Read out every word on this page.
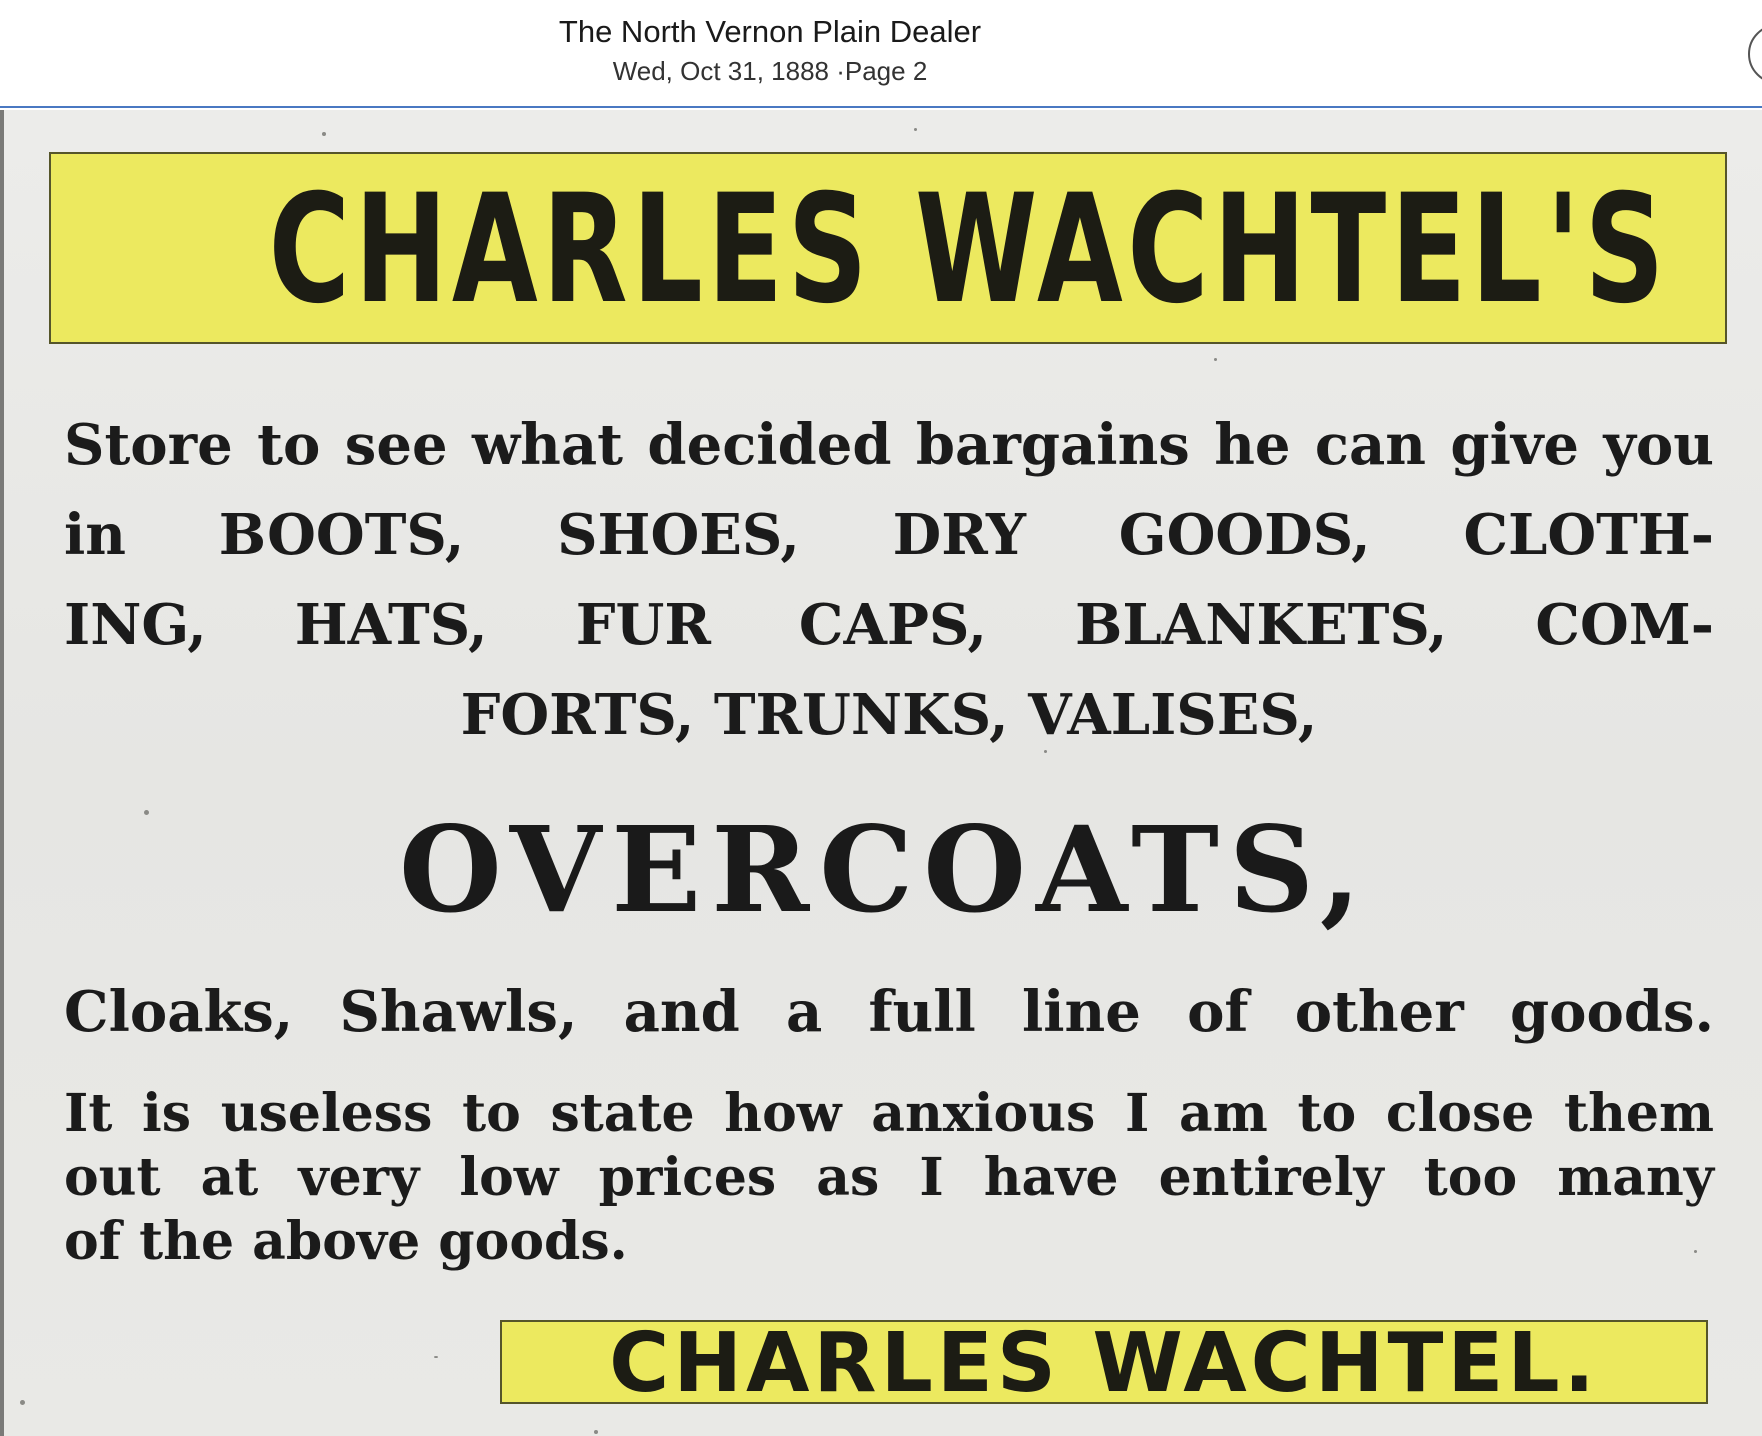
The North Vernon Plain Dealer
Wed, Oct 31, 1888 ·Page 2
CHARLES WACHTEL'S
Store to see what decided bargains he can give you
in BOOTS, SHOES, DRY GOODS, CLOTH-
ING, HATS, FUR CAPS, BLANKETS, COM-
FORTS, TRUNKS, VALISES,
OVERCOATS,
Cloaks, Shawls, and a full line of other goods.
It is useless to state how anxious I am to close them
out at very low prices as I have entirely too many
of the above goods.
CHARLES WACHTEL.
